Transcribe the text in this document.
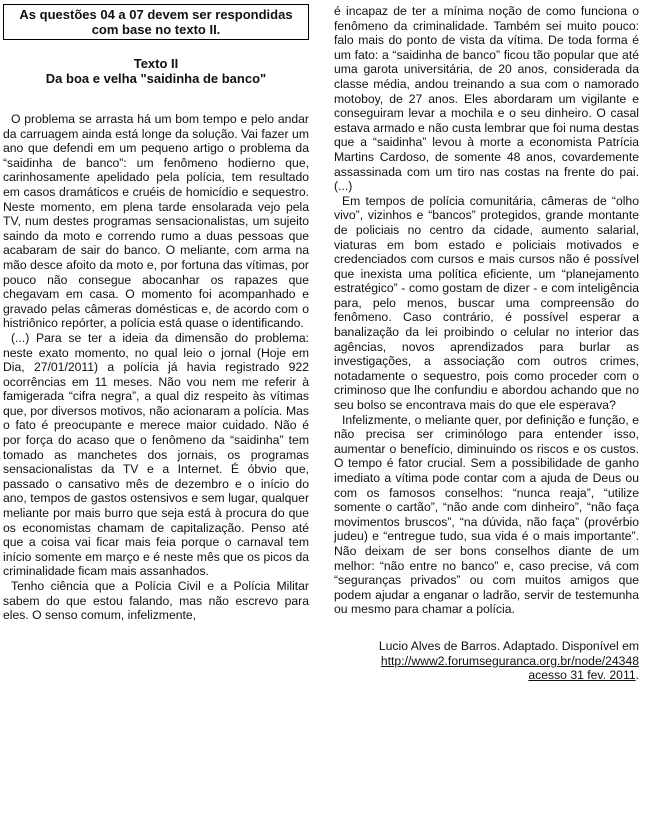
As questões 04 a 07 devem ser respondidas com base no texto II.
Texto II
Da boa e velha "saidinha de banco"

O problema se arrasta há um bom tempo e pelo andar da carruagem ainda está longe da solução. Vai fazer um ano que defendi em um pequeno artigo o problema da “saidinha de banco”: um fenômeno hodierno que, carinhosamente apelidado pela polícia, tem resultado em casos dramáticos e cruéis de homicídio e sequestro. Neste momento, em plena tarde ensolarada vejo pela TV, num destes programas sensacionalistas, um sujeito saindo da moto e correndo rumo a duas pessoas que acabaram de sair do banco. O meliante, com arma na mão desce afoito da moto e, por fortuna das vítimas, por pouco não consegue abocanhar os rapazes que chegavam em casa. O momento foi acompanhado e gravado pelas câmeras domésticas e, de acordo com o histriônico repórter, a polícia está quase o identificando.

(...) Para se ter a ideia da dimensão do problema: neste exato momento, no qual leio o jornal (Hoje em Dia, 27/01/2011) a polícia já havia registrado 922 ocorrências em 11 meses. Não vou nem me referir à famigerada “cifra negra”, a qual diz respeito às vítimas que, por diversos motivos, não acionaram a polícia. Mas o fato é preocupante e merece maior cuidado. Não é por força do acaso que o fenômeno da “saidinha” tem tomado as manchetes dos jornais, os programas sensacionalistas da TV e a Internet. É óbvio que, passado o cansativo mês de dezembro e o início do ano, tempos de gastos ostensivos e sem lugar, qualquer meliante por mais burro que seja está à procura do que os economistas chamam de capitalização. Penso até que a coisa vai ficar mais feia porque o carnaval tem início somente em março e é neste mês que os picos da criminalidade ficam mais assanhados.

Tenho ciência que a Polícia Civil e a Polícia Militar sabem do que estou falando, mas não escrevo para eles. O senso comum, infelizmente,

é incapaz de ter a mínima noção de como funciona o fenômeno da criminalidade. Também sei muito pouco: falo mais do ponto de vista da vítima. De toda forma é um fato: a “saidinha de banco” ficou tão popular que até uma garota universitária, de 20 anos, considerada da classe média, andou treinando a sua com o namorado motoboy, de 27 anos. Eles abordaram um vigilante e conseguiram levar a mochila e o seu dinheiro. O casal estava armado e não custa lembrar que foi numa destas que a “saidinha” levou à morte a economista Patrícia Martins Cardoso, de somente 48 anos, covardemente assassinada com um tiro nas costas na frente do pai. (...)

Em tempos de polícia comunitária, câmeras de “olho vivo”, vizinhos e “bancos” protegidos, grande montante de policiais no centro da cidade, aumento salarial, viaturas em bom estado e policiais motivados e credenciados com cursos e mais cursos não é possível que inexista uma política eficiente, um “planejamento estratégico” - como gostam de dizer - e com inteligência para, pelo menos, buscar uma compreensão do fenômeno. Caso contrário, é possível esperar a banalização da lei proibindo o celular no interior das agências, novos aprendizados para burlar as investigações, a associação com outros crimes, notadamente o sequestro, pois como proceder com o criminoso que lhe confundiu e abordou achando que no seu bolso se encontrava mais do que ele esperava?

Infelizmente, o meliante quer, por definição e função, e não precisa ser criminólogo para entender isso, aumentar o benefício, diminuindo os riscos e os custos. O tempo é fator crucial. Sem a possibilidade de ganho imediato a vítima pode contar com a ajuda de Deus ou com os famosos conselhos: “nunca reaja”, “utilize somente o cartão”, “não ande com dinheiro”, “não faça movimentos bruscos”, “na dúvida, não faça” (provérbio judeu) e “entregue tudo, sua vida é o mais importante”. Não deixam de ser bons conselhos diante de um melhor: “não entre no banco” e, caso precise, vá com “seguranças privados” ou com muitos amigos que podem ajudar a enganar o ladrão, servir de testemunha ou mesmo para chamar a polícia.

Lucio Alves de Barros. Adaptado. Disponível em
http://www2.forumseguranca.org.br/node/24348
acesso 31 fev. 2011.
